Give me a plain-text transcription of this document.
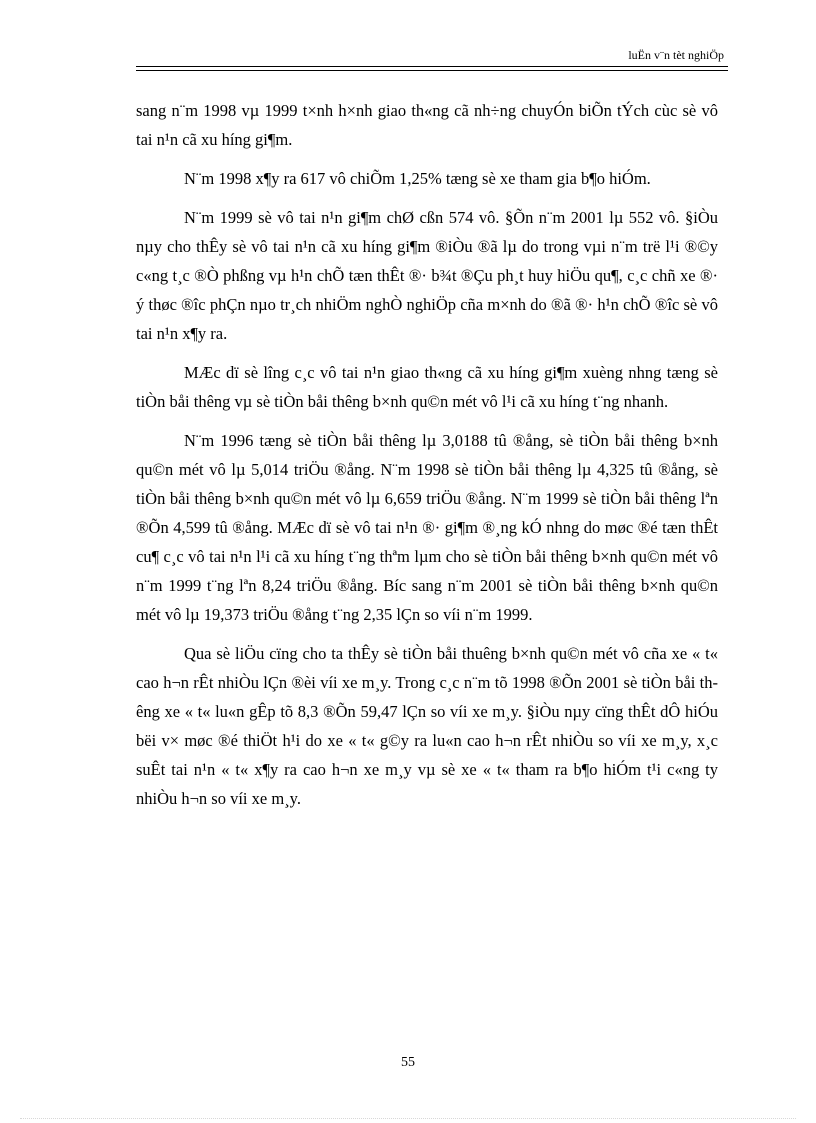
luËn v¨n tèt nghiÖp

sang n¨m 1998 vµ 1999 t×nh h×nh giao th«ng cã nh÷ng chuyÓn biÕn tÝch cùc sè vô tai n¹n cã xu híng gi¶m.

N¨m 1998 x¶y ra 617 vô chiÕm 1,25% tæng sè xe tham gia b¶o hiÓm.

N¨m 1999 sè vô tai n¹n gi¶m chØ cßn 574 vô. §Õn n¨m 2001 lµ 552 vô. §iÒu nµy cho thÊy sè vô tai n¹n cã xu híng gi¶m ®iÒu ®ã lµ do trong vµi n¨m trë l¹i ®©y c«ng t¸c ®Ò phßng vµ h¹n chÕ tæn thÊt ®· b¾t ®Çu ph¸t huy hiÖu qu¶, c¸c chñ xe ®· ý thøc ®îc phÇn nµo tr¸ch nhiÖm nghÒ nghiÖp cña m×nh do ®ã ®· h¹n chÕ ®îc sè vô tai n¹n x¶y ra.

MÆc dï sè lîng c¸c vô tai n¹n giao th«ng cã xu híng gi¶m xuèng nhng tæng sè tiÒn båi thêng vµ sè tiÒn båi thêng b×nh qu©n mét vô l¹i cã xu híng t¨ng nhanh.

N¨m 1996 tæng sè tiÒn båi thêng lµ 3,0188 tû ®ång, sè tiÒn båi thêng b×nh qu©n mét vô lµ 5,014 triÖu ®ång. N¨m 1998 sè tiÒn båi thêng lµ 4,325 tû ®ång, sè tiÒn båi thêng b×nh qu©n mét vô lµ 6,659 triÖu ®ång. N¨m 1999 sè tiÒn båi thêng lªn ®Õn 4,599 tû ®ång. MÆc dï sè vô tai n¹n ®· gi¶m ®¸ng kÓ nhng do møc ®é tæn thÊt cu¶ c¸c vô tai n¹n l¹i cã xu híng t¨ng thªm lµm cho sè tiÒn båi thêng b×nh qu©n mét vô n¨m 1999 t¨ng lªn 8,24 triÖu ®ång. Bíc sang n¨m 2001 sè tiÒn båi thêng b×nh qu©n mét vô lµ 19,373 triÖu ®ång t¨ng 2,35 lÇn so víi n¨m 1999.

Qua sè liÖu cïng cho ta thÊy sè tiÒn båi thuêng b×nh qu©n mét vô cña xe « t« cao h¬n rÊt nhiÒu lÇn ®èi víi xe m¸y. Trong c¸c n¨m tõ 1998 ®Õn 2001 sè tiÒn båi thêng xe « t« lu«n gÊp tõ 8,3 ®Õn 59,47 lÇn so víi xe m¸y. §iÒu nµy cïng thÊt dÔ hiÓu bëi v× møc ®é thiÖt h¹i do xe « t« g©y ra lu«n cao h¬n rÊt nhiÒu so víi xe m¸y, x¸c suÊt tai n¹n « t« x¶y ra cao h¬n xe m¸y vµ sè xe « t« tham ra b¶o hiÓm t¹i c«ng ty nhiÒu h¬n so víi xe m¸y.

55
